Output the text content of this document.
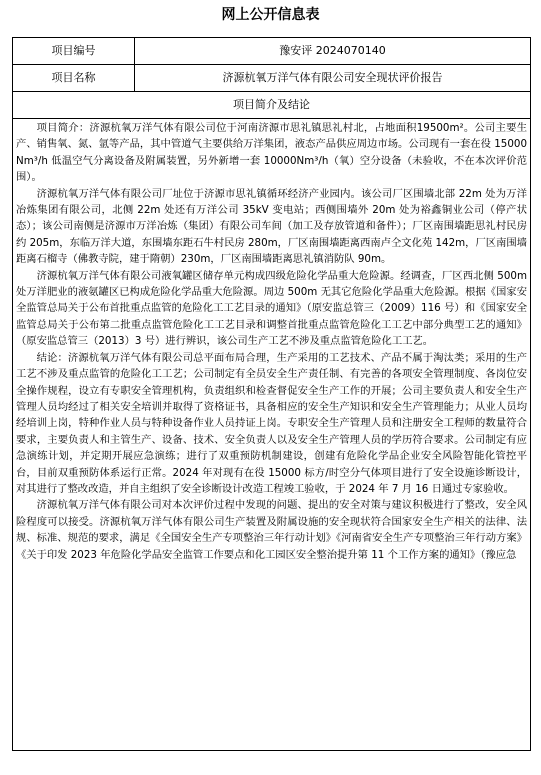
网上公开信息表
项目编号	豫安评 2024070140
项目名称	济源杭氧万洋气体有限公司安全现状评价报告
项目简介及结论	

项目简介：济源杭氧万洋气体有限公司位于河南济源市思礼镇思礼村北，占地面积19500m²。公司主要生产、销售氧、氮、氩等产品，其中管道气主要供给万洋集团，液态产品供应周边市场。公司现有一套在役 15000Nm³/h 低温空气分离设备及附属装置，另外新增一套 10000Nm³/h（氧）空分设备（未验收，不在本次评价范围）。

济源杭氧万洋气体有限公司厂址位于济源市思礼镇循环经济产业园内。该公司厂区围墙北部 22m 处为万洋冶炼集团有限公司，北侧 22m 处还有万洋公司 35kV 变电站；西侧围墙外 20m 处为裕鑫铜业公司（停产状态）；该公司南侧是济源市万洋冶炼（集团）有限公司车间（加工及存放管道和备件）；厂区南围墙距思礼村民房约 205m，东临万洋大道，东围墙东距石牛村民房 280m，厂区南围墙距离西南卢仝文化苑 142m，厂区南围墙距离石榴寺（佛教寺院，建于隋朝）230m，厂区南围墙距离思礼镇消防队 90m。

济源杭氧万洋气体有限公司液氧罐区储存单元构成四级危险化学品重大危险源。经调查，厂区西北侧 500m 处万洋肥业的液氨罐区已构成危险化学品重大危险源。周边 500m 无其它危险化学品重大危险源。根据《国家安全监管总局关于公布首批重点监管的危险化工工艺目录的通知》（原安监总管三（2009）116 号）和《国家安全监管总局关于公布第二批重点监管危险化工工艺目录和调整首批重点监管危险化工工艺中部分典型工艺的通知》（原安监总管三（2013）3 号）进行辨识，该公司生产工艺不涉及重点监管危险化工工艺。

结论：济源杭氧万洋气体有限公司总平面布局合理，生产采用的工艺技术、产品不属于淘汰类；采用的生产工艺不涉及重点监管的危险化工工艺；公司制定有全员安全生产责任制、有完善的各项安全管理制度、各岗位安全操作规程，设立有专职安全管理机构，负责组织和检查督促安全生产工作的开展；公司主要负责人和安全生产管理人员均经过了相关安全培训并取得了资格证书，具备相应的安全生产知识和安全生产管理能力；从业人员均经培训上岗，特种作业人员与特种设备作业人员持证上岗。专职安全生产管理人员和注册安全工程师的数量符合要求，主要负责人和主管生产、设备、技术、安全负责人以及安全生产管理人员的学历符合要求。公司制定有应急演练计划，并定期开展应急演练；进行了双重预防机制建设，创建有危险化学品企业安全风险智能化管控平台，目前双重预防体系运行正常。2024 年对现有在役 15000 标方/时空分气体项目进行了安全设施诊断设计，对其进行了整改改造，并自主组织了安全诊断设计改造工程竣工验收，于 2024 年 7 月 16 日通过专家验收。

济源杭氧万洋气体有限公司对本次评价过程中发现的问题、提出的安全对策与建议积极进行了整改，安全风险程度可以接受。济源杭氧万洋气体有限公司生产装置及附属设施的安全现状符合国家安全生产相关的法律、法规、标准、规范的要求，满足《全国安全生产专项整治三年行动计划》《河南省安全生产专项整治三年行动方案》《关于印发 2023 年危险化学品安全监管工作要点和化工园区安全整治提升第 11 个工作方案的通知》（豫应急	
